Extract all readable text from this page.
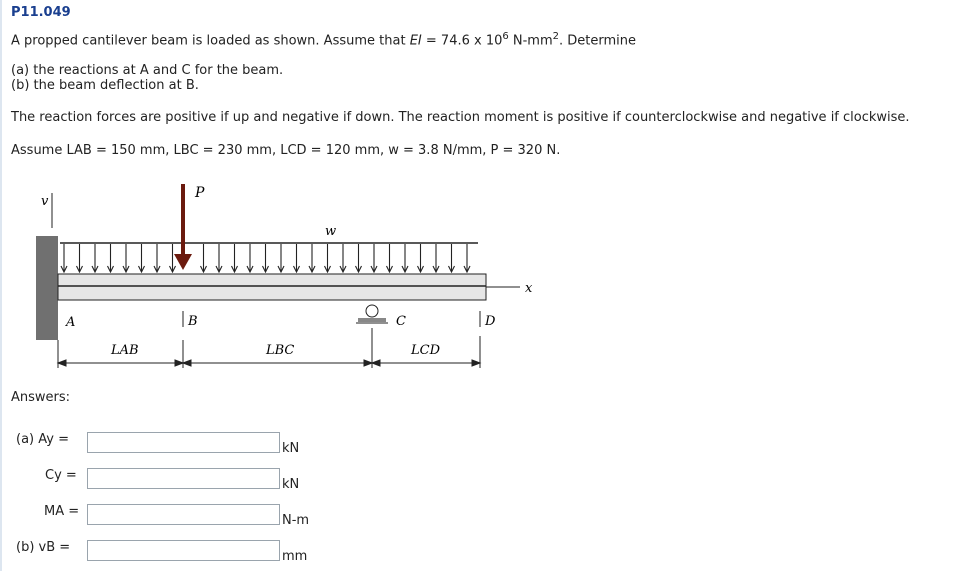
P11.049
A propped cantilever beam is loaded as shown. Assume that EI = 74.6 x $10^6$ $N-mm^2$. Determine
(a) the reactions at A and C for the beam.
(b) the beam deflection at B.
The reaction forces are positive if up and negative if down. The reaction moment is positive if counterclockwise and negative if clockwise.
Assume LAB = 150 mm, LBC = 230 mm, LCD = 120 mm, w = 3.8 N/mm, P = 320 N.
v
x
w
P
A	B	C	D
LAB	LBC	LCD
Answers:
(a) Ay =
kN
Cy =
kN
MA =
N-m
(b) vB =
mm
